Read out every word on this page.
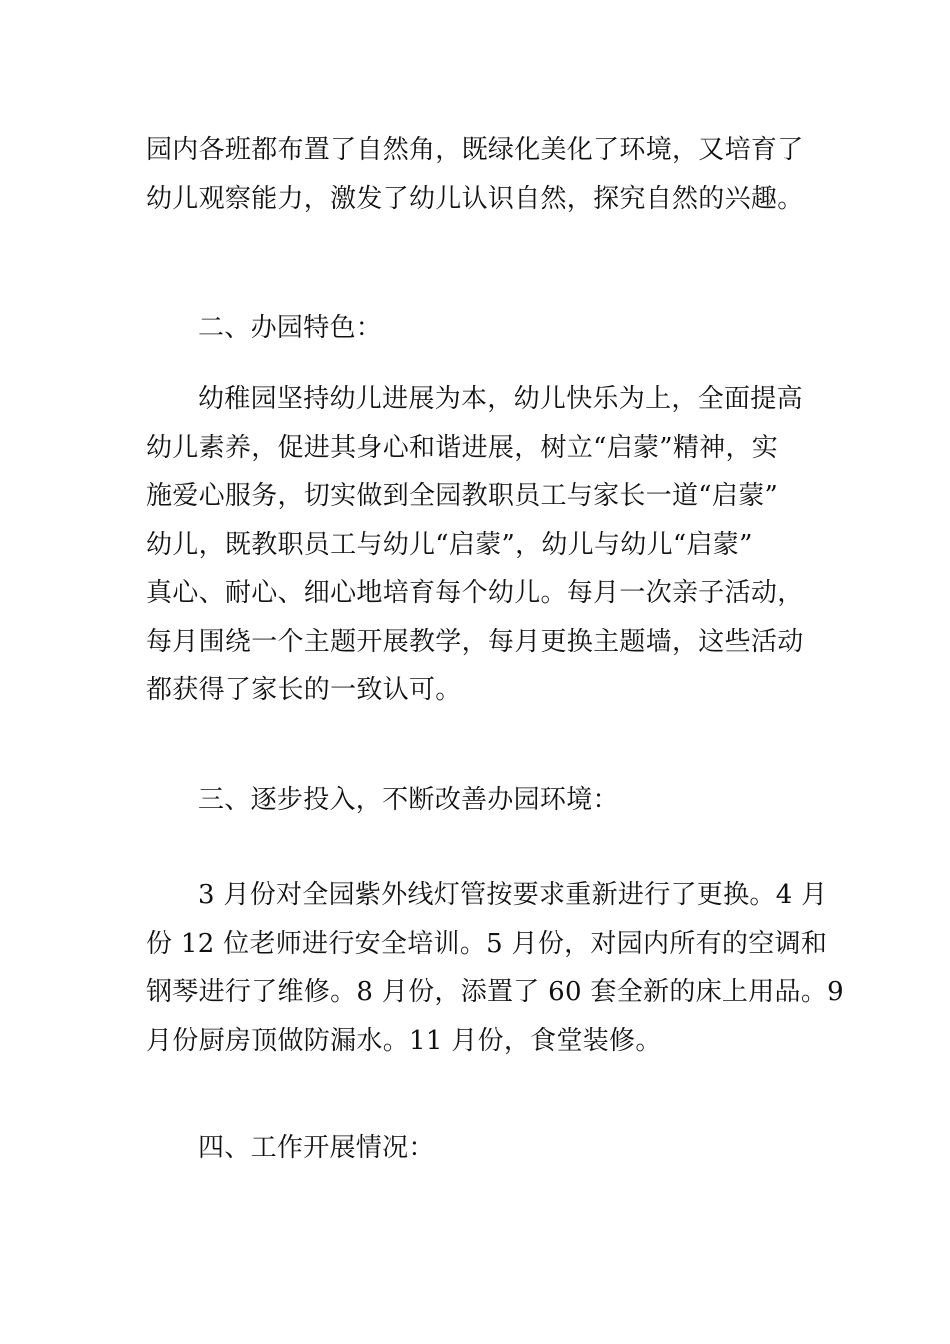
园内各班都布置了自然角，既绿化美化了环境，又培育了
幼儿观察能力，激发了幼儿认识自然，探究自然的兴趣。

二、办园特色：

幼稚园坚持幼儿进展为本，幼儿快乐为上，全面提高
幼儿素养，促进其身心和谐进展，树立“启蒙”精神，实
施爱心服务，切实做到全园教职员工与家长一道“启蒙”
幼儿，既教职员工与幼儿“启蒙”，幼儿与幼儿“启蒙”
真心、耐心、细心地培育每个幼儿。每月一次亲子活动，
每月围绕一个主题开展教学，每月更换主题墙，这些活动
都获得了家长的一致认可。

三、逐步投入，不断改善办园环境：

3 月份对全园紫外线灯管按要求重新进行了更换。4 月
份 12 位老师进行安全培训。5 月份，对园内所有的空调和
钢琴进行了维修。8 月份，添置了 60 套全新的床上用品。9
月份厨房顶做防漏水。11 月份，食堂装修。

四、工作开展情况：
